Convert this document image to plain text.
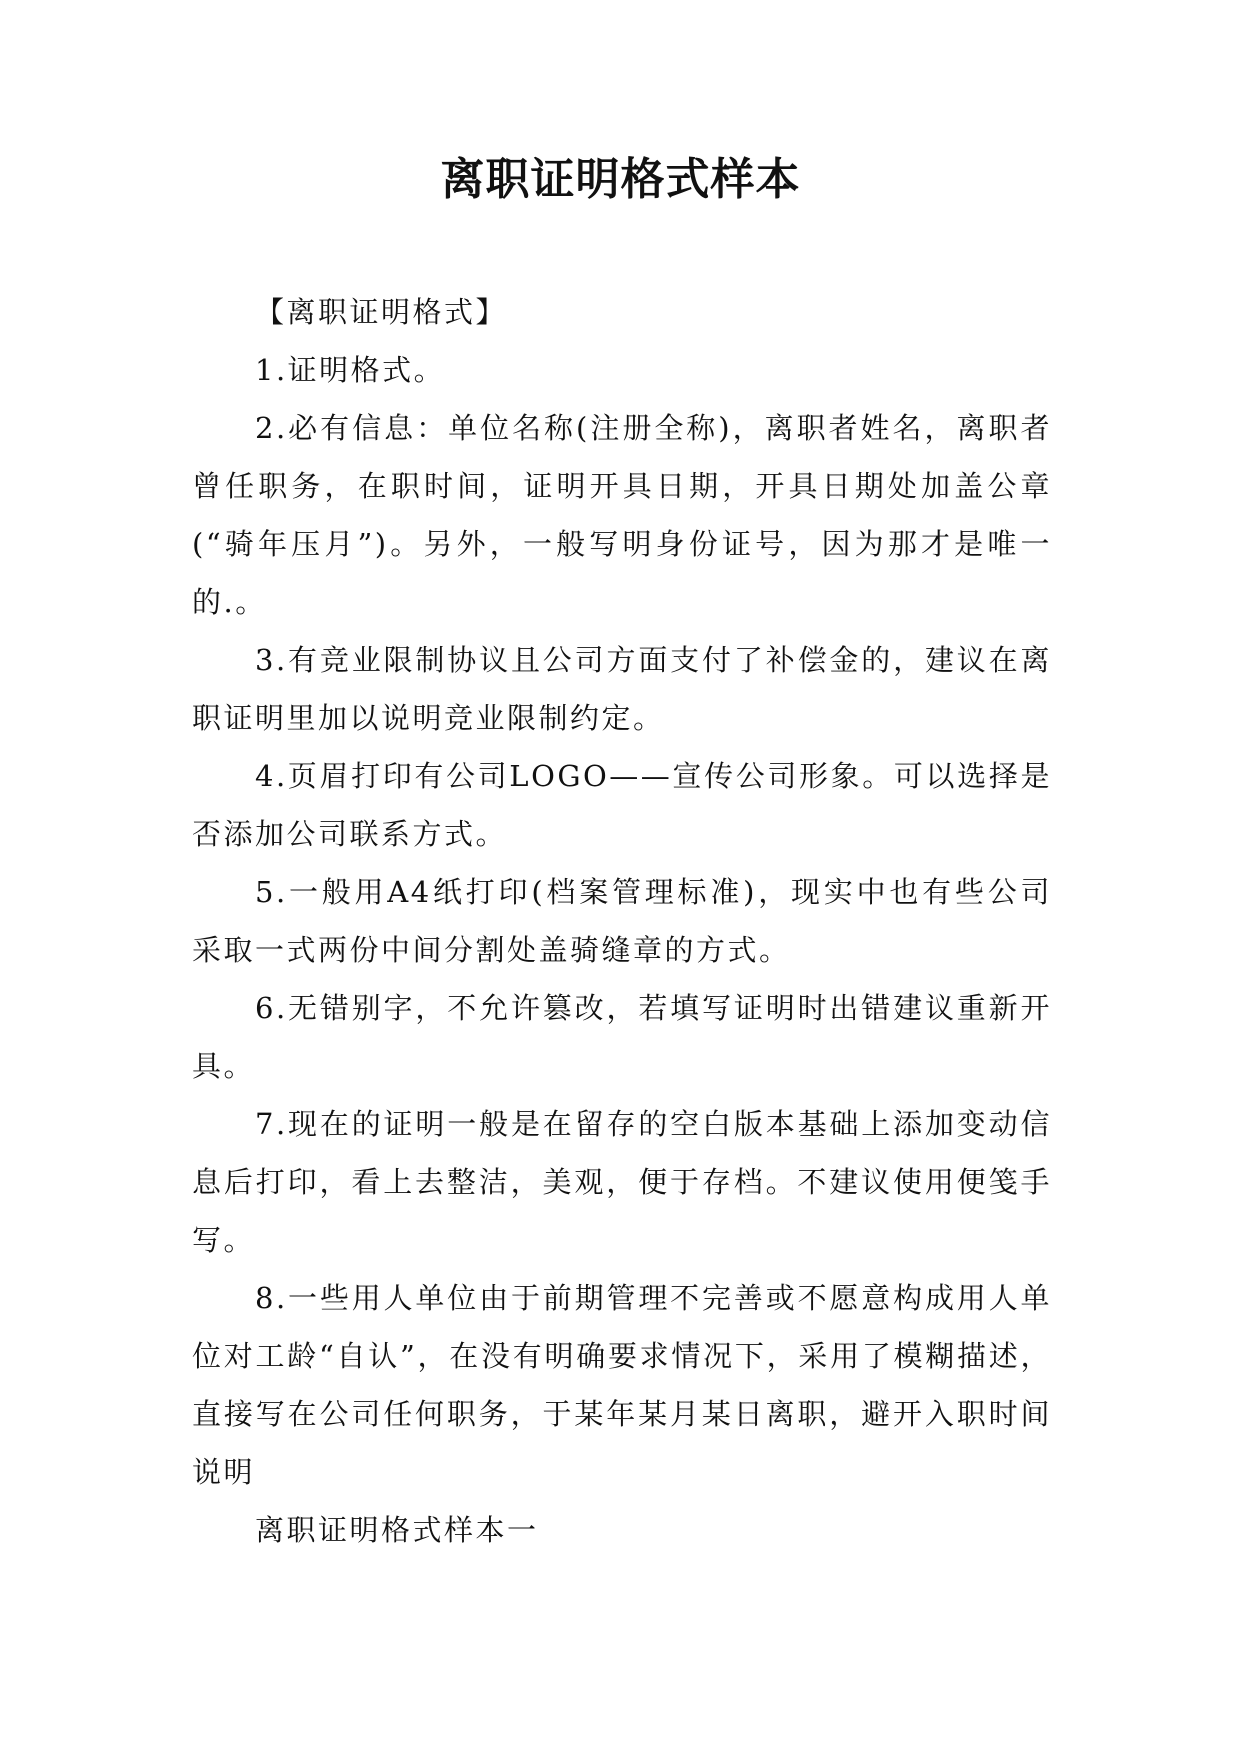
离职证明格式样本

【离职证明格式】

1.证明格式。

2.必有信息：单位名称(注册全称)，离职者姓名，离职者曾任职务，在职时间，证明开具日期，开具日期处加盖公章(“骑年压月”)。另外，一般写明身份证号，因为那才是唯一的.。

3.有竞业限制协议且公司方面支付了补偿金的，建议在离职证明里加以说明竞业限制约定。

4.页眉打印有公司LOGO——宣传公司形象。可以选择是否添加公司联系方式。

5.一般用A4纸打印(档案管理标准)，现实中也有些公司采取一式两份中间分割处盖骑缝章的方式。

6.无错别字，不允许篡改，若填写证明时出错建议重新开具。

7.现在的证明一般是在留存的空白版本基础上添加变动信息后打印，看上去整洁，美观，便于存档。不建议使用便笺手写。

8.一些用人单位由于前期管理不完善或不愿意构成用人单位对工龄“自认”，在没有明确要求情况下，采用了模糊描述，直接写在公司任何职务，于某年某月某日离职，避开入职时间说明

离职证明格式样本一
